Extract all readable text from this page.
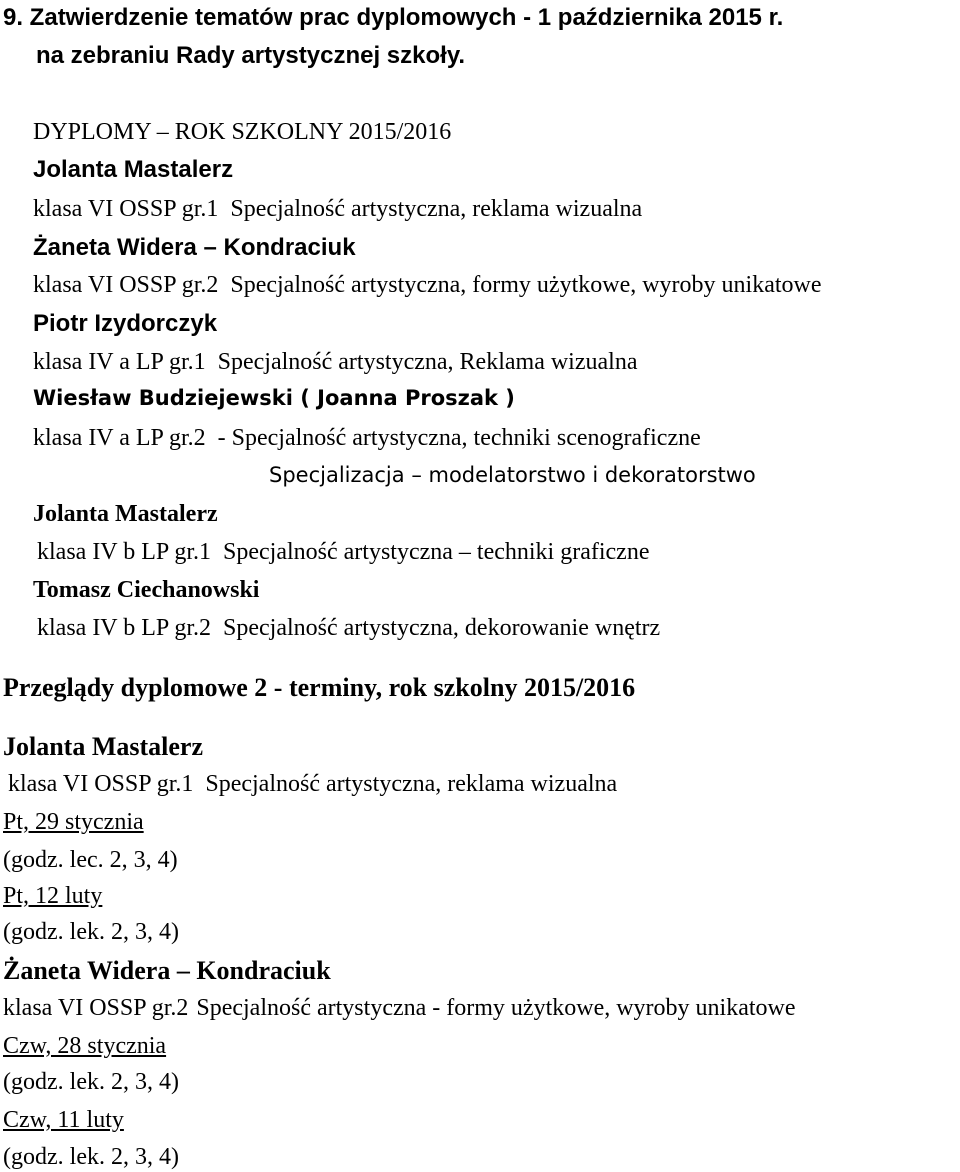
9. Zatwierdzenie tematów prac dyplomowych - 1 października 2015 r.
na zebraniu Rady artystycznej szkoły.
DYPLOMY – ROK SZKOLNY 2015/2016
Jolanta Mastalerz
klasa VI OSSP gr.1 Specjalność artystyczna, reklama wizualna
Żaneta Widera – Kondraciuk
klasa VI OSSP gr.2 Specjalność artystyczna, formy użytkowe, wyroby unikatowe
Piotr Izydorczyk
klasa IV a LP gr.1 Specjalność artystyczna, Reklama wizualna
Wiesław Budziejewski ( Joanna Proszak )
klasa IV a LP gr.2 - Specjalność artystyczna, techniki scenograficzne
Specjalizacja – modelatorstwo i dekoratorstwo
Jolanta Mastalerz
klasa IV b LP gr.1 Specjalność artystyczna – techniki graficzne
Tomasz Ciechanowski
klasa IV b LP gr.2 Specjalność artystyczna, dekorowanie wnętrz
Przeglądy dyplomowe 2 - terminy, rok szkolny 2015/2016
Jolanta Mastalerz
klasa VI OSSP gr.1 Specjalność artystyczna, reklama wizualna
Pt, 29 stycznia
(godz. lec. 2, 3, 4)
Pt, 12 luty
(godz. lek. 2, 3, 4)
Żaneta Widera – Kondraciuk
klasa VI OSSP gr.2 Specjalność artystyczna - formy użytkowe, wyroby unikatowe
Czw, 28 stycznia
(godz. lek. 2, 3, 4)
Czw, 11 luty
(godz. lek. 2, 3, 4)
